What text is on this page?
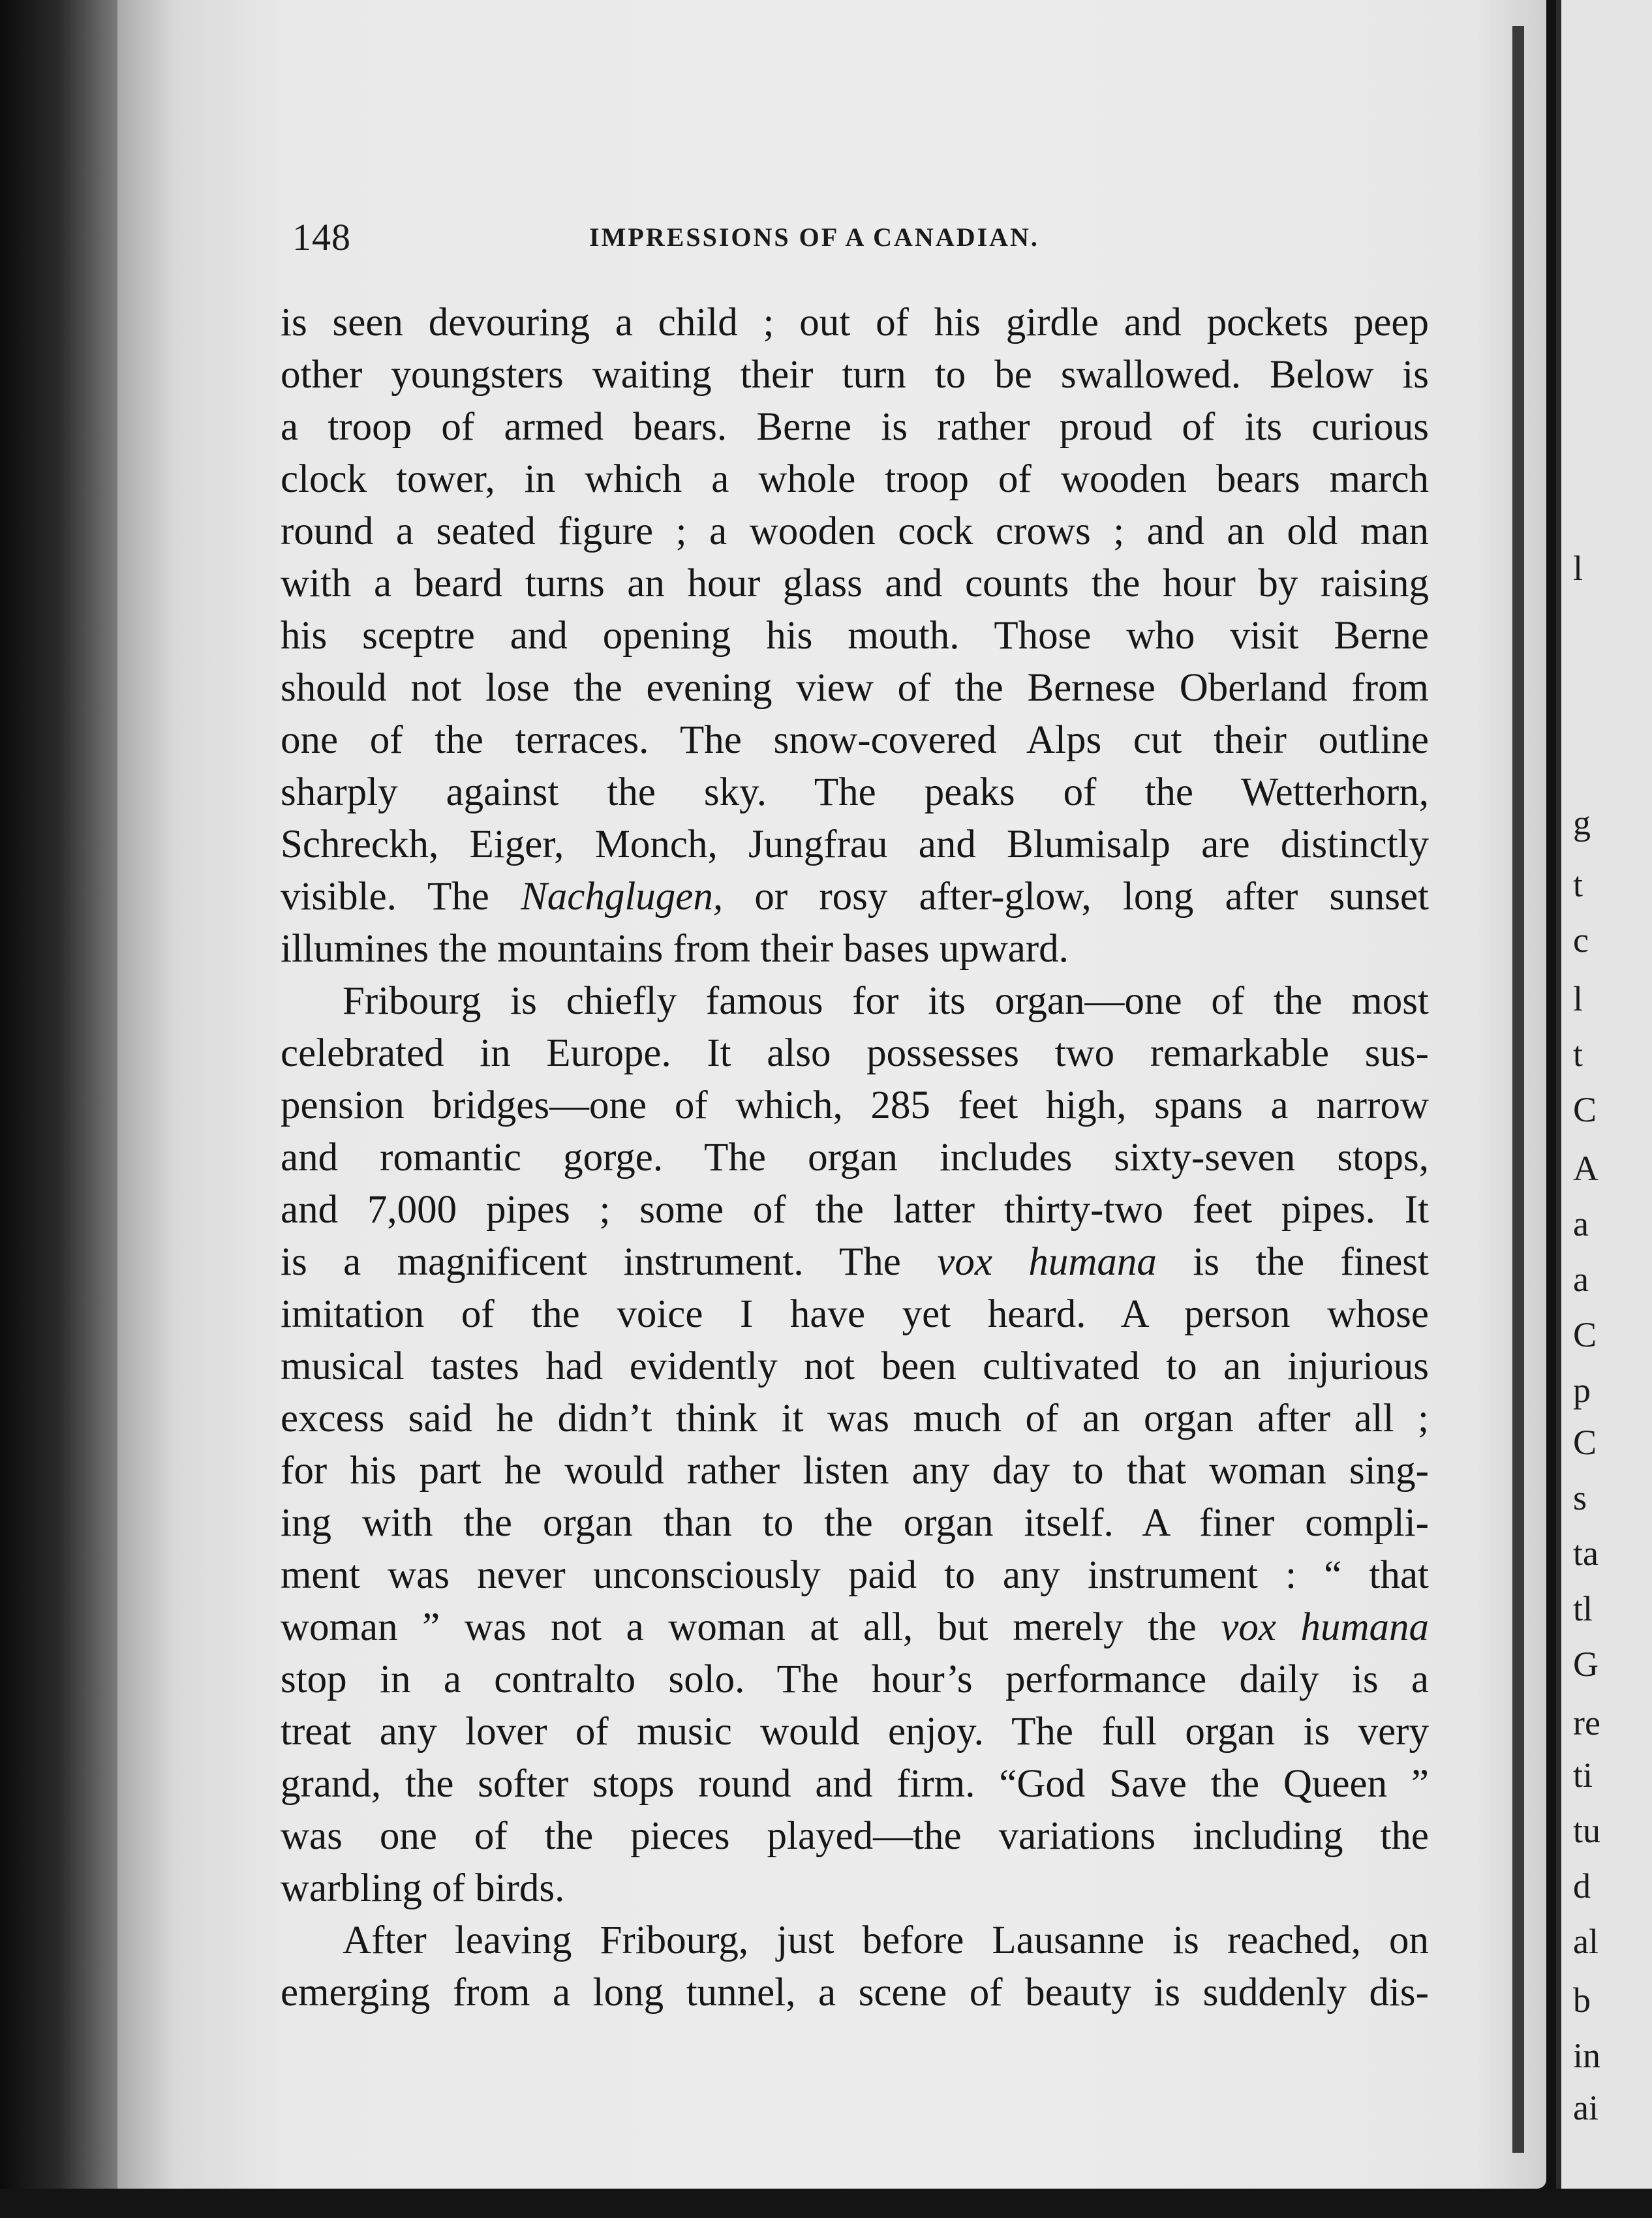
l
g
t
c
l
t
C
A
a
a
C
p
C
s
ta
tl
G
re
ti
tu
d
al
b
in
ai
148	IMPRESSIONS OF A CANADIAN.
is seen devouring a child ; out of his girdle and pockets peep
other youngsters waiting their turn to be swallowed. Below is
a troop of armed bears. Berne is rather proud of its curious
clock tower, in which a whole troop of wooden bears march
round a seated figure ; a wooden cock crows ; and an old man
with a beard turns an hour glass and counts the hour by raising
his sceptre and opening his mouth. Those who visit Berne
should not lose the evening view of the Bernese Oberland from
one of the terraces. The snow-covered Alps cut their outline
sharply against the sky. The peaks of the Wetterhorn,
Schreckh, Eiger, Monch, Jungfrau and Blumisalp are distinctly
visible. The Nachglugen, or rosy after-glow, long after sunset
illumines the mountains from their bases upward.
Fribourg is chiefly famous for its organ—one of the most
celebrated in Europe. It also possesses two remarkable sus-
pension bridges—one of which, 285 feet high, spans a narrow
and romantic gorge. The organ includes sixty-seven stops,
and 7,000 pipes ; some of the latter thirty-two feet pipes. It
is a magnificent instrument. The vox humana is the finest
imitation of the voice I have yet heard. A person whose
musical tastes had evidently not been cultivated to an injurious
excess said he didn’t think it was much of an organ after all ;
for his part he would rather listen any day to that woman sing-
ing with the organ than to the organ itself. A finer compli-
ment was never unconsciously paid to any instrument : “ that
woman ” was not a woman at all, but merely the vox humana
stop in a contralto solo. The hour’s performance daily is a
treat any lover of music would enjoy. The full organ is very
grand, the softer stops round and firm. “God Save the Queen ”
was one of the pieces played—the variations including the
warbling of birds.
After leaving Fribourg, just before Lausanne is reached, on
emerging from a long tunnel, a scene of beauty is suddenly dis-
